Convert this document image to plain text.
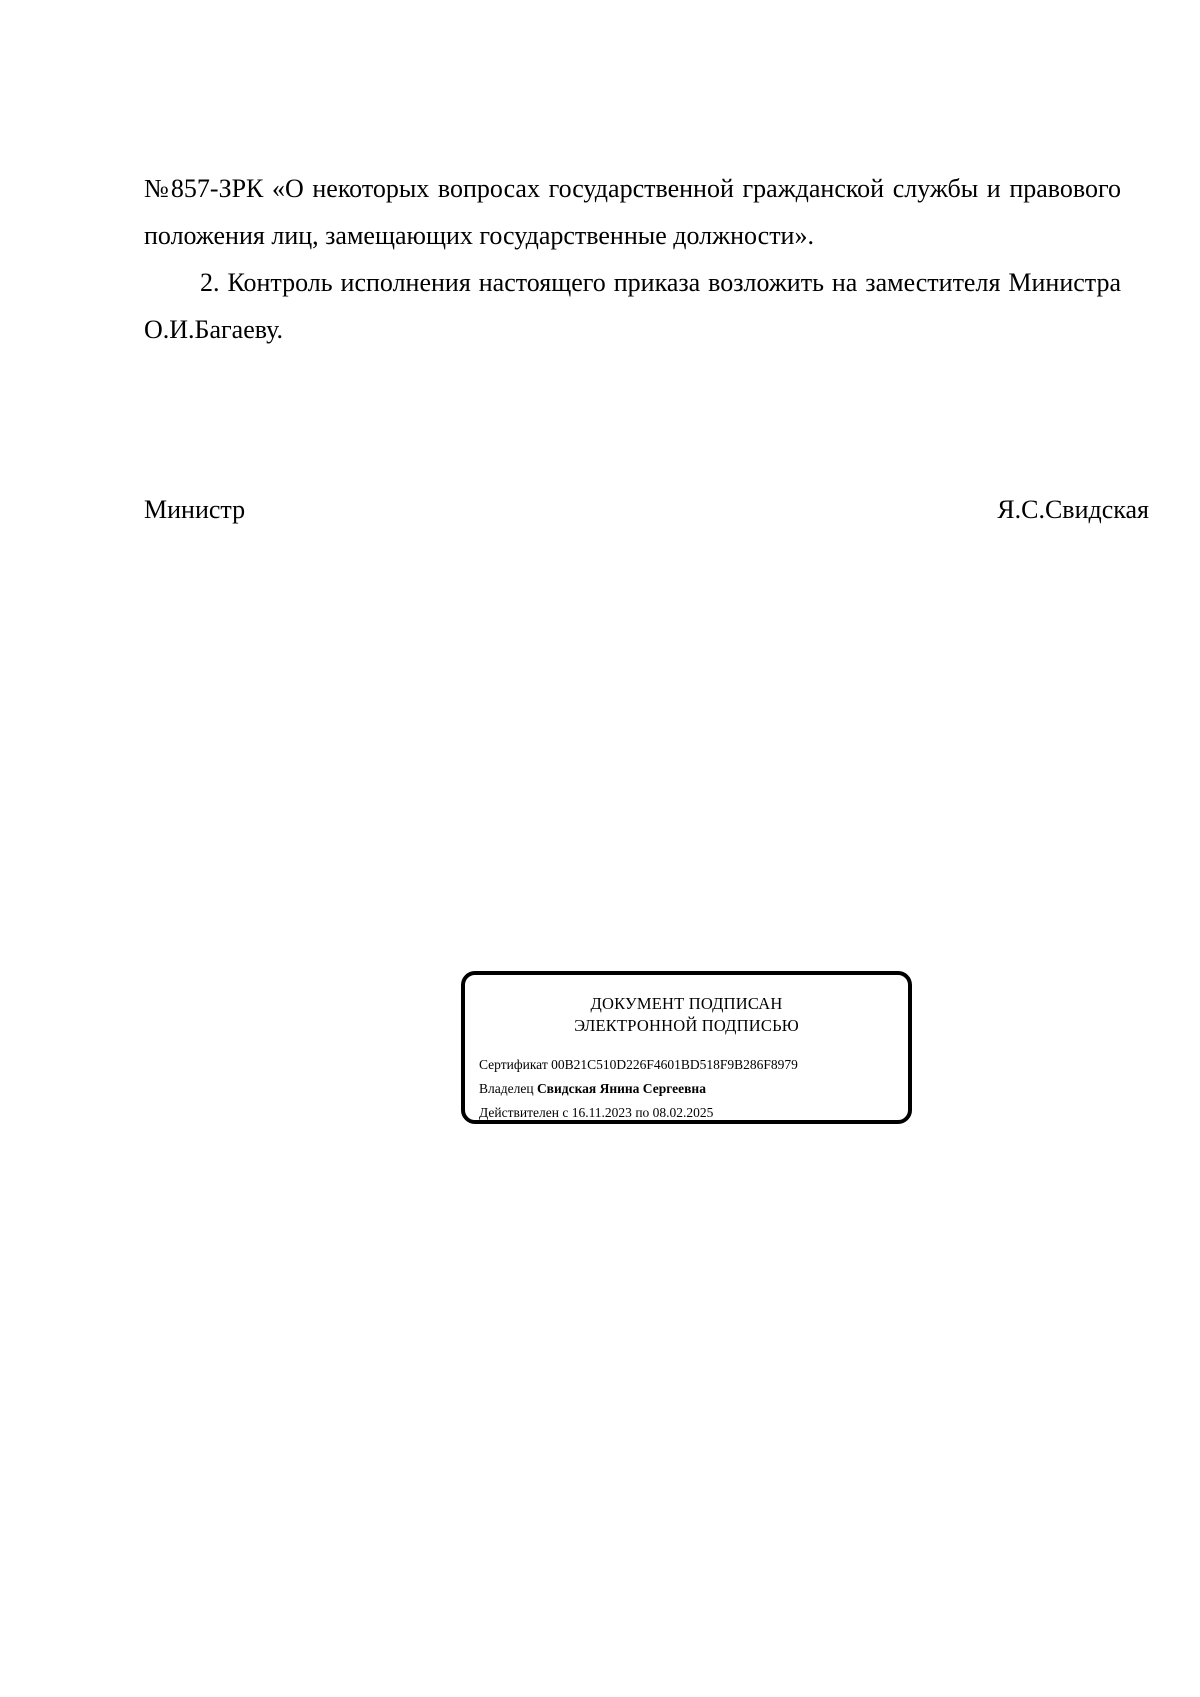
№857-ЗРК «О некоторых вопросах государственной гражданской службы и правового положения лиц, замещающих государственные должности».

2. Контроль исполнения настоящего приказа возложить на заместителя Министра О.И.Багаеву.

Министр	Я.С.Свидская
ДОКУМЕНТ ПОДПИСАН
ЭЛЕКТРОННОЙ ПОДПИСЬЮ
Сертификат 00B21C510D226F4601BD518F9B286F8979
Владелец Свидская Янина Сергеевна
Действителен с 16.11.2023 по 08.02.2025
